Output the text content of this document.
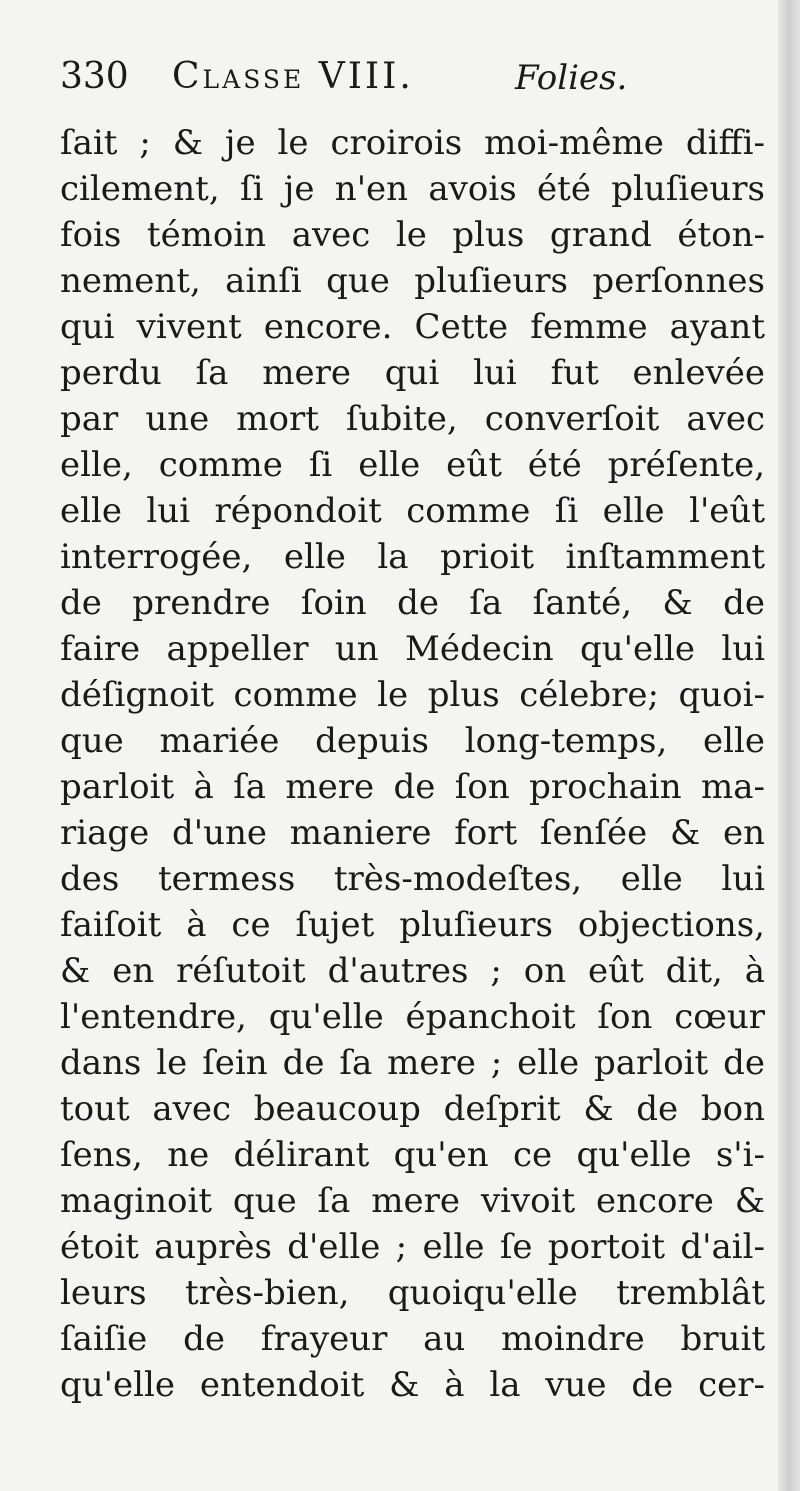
330 Classe VIII.	Folies.
ſait ; & je le croirois moi-même diffi-
cilement, ſi je n'en avois été pluſieurs
fois témoin avec le plus grand éton-
nement, ainſi que pluſieurs perſonnes
qui vivent encore. Cette femme ayant
perdu ſa mere qui lui fut enlevée
par une mort ſubite, converſoit avec
elle, comme ſi elle eût été préſente,
elle lui répondoit comme ſi elle l'eût
interrogée, elle la prioit inſtamment
de prendre ſoin de ſa ſanté, & de
faire appeller un Médecin qu'elle lui
déſignoit comme le plus célebre; quoi-
que mariée depuis long-temps, elle
parloit à ſa mere de ſon prochain ma-
riage d'une maniere fort ſenſée & en
des termess très-modeſtes, elle lui
faiſoit à ce ſujet pluſieurs objections,
& en réſutoit d'autres ; on eût dit, à
l'entendre, qu'elle épanchoit ſon cœur
dans le ſein de ſa mere ; elle parloit de
tout avec beaucoup deſprit & de bon
ſens, ne délirant qu'en ce qu'elle s'i-
maginoit que ſa mere vivoit encore &
étoit auprès d'elle ; elle ſe portoit d'ail-
leurs très-bien, quoiqu'elle tremblât
ſaiſie de frayeur au moindre bruit
qu'elle entendoit & à la vue de cer-
